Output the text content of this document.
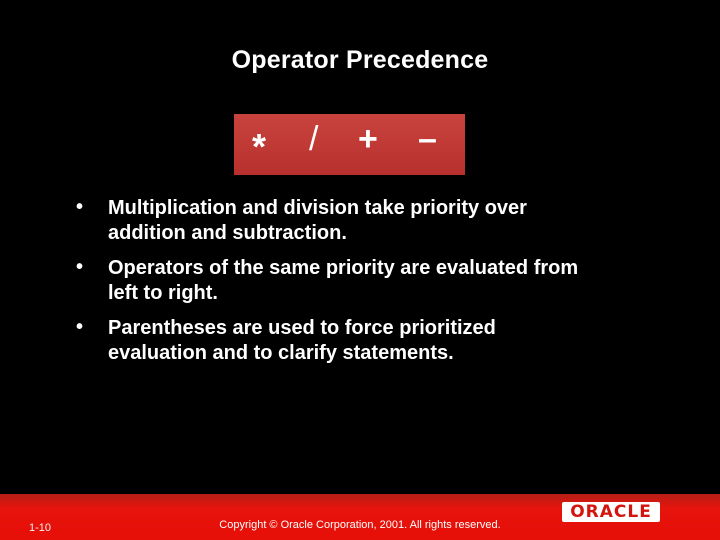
Operator Precedence
* / + –
• Multiplication and division take priority over
addition and subtraction.
• Operators of the same priority are evaluated from
left to right.
• Parentheses are used to force prioritized
evaluation and to clarify statements.
1-10	Copyright © Oracle Corporation, 2001. All rights reserved.
ORACLE
